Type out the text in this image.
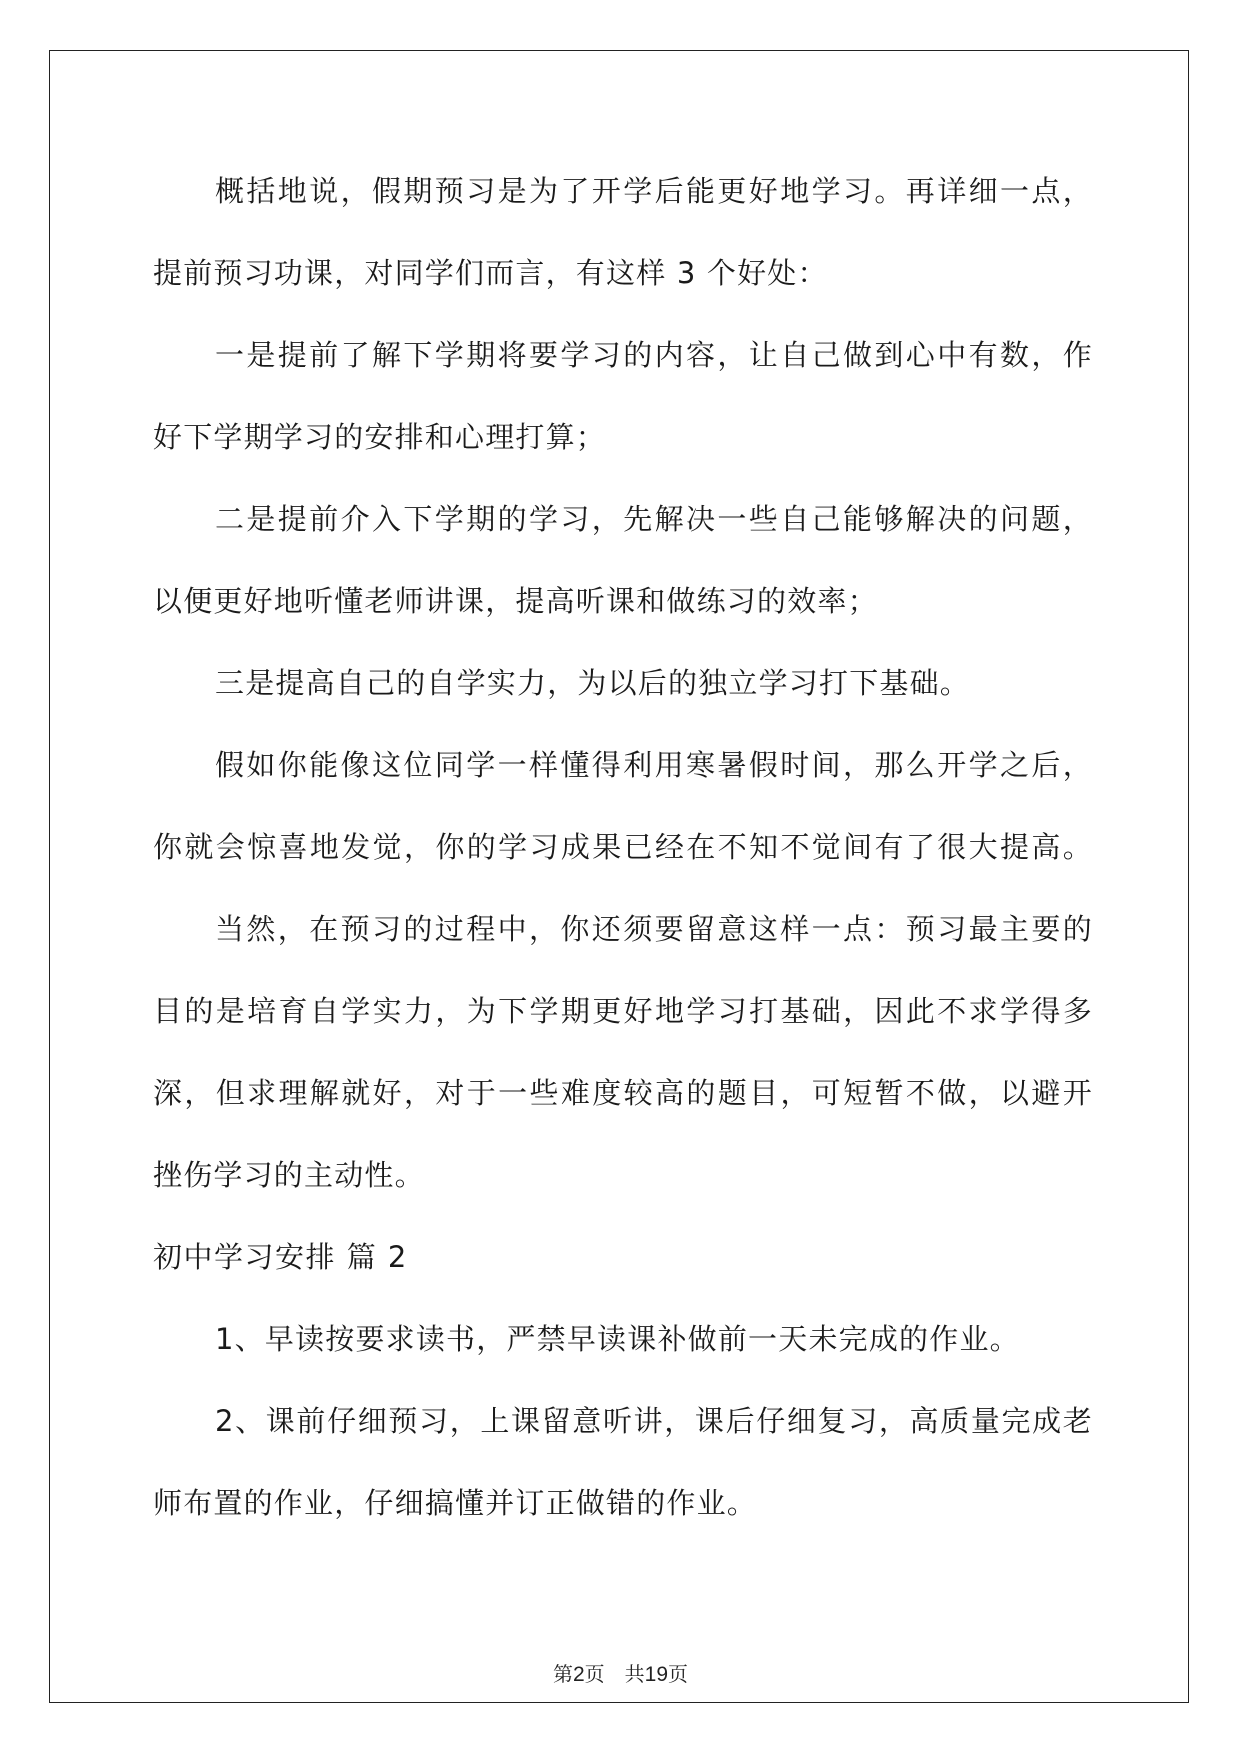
概括地说，假期预习是为了开学后能更好地学习。再详细一点，
提前预习功课，对同学们而言，有这样 3 个好处：
一是提前了解下学期将要学习的内容，让自己做到心中有数，作
好下学期学习的安排和心理打算；
二是提前介入下学期的学习，先解决一些自己能够解决的问题，
以便更好地听懂老师讲课，提高听课和做练习的效率；
三是提高自己的自学实力，为以后的独立学习打下基础。
假如你能像这位同学一样懂得利用寒暑假时间，那么开学之后，
你就会惊喜地发觉，你的学习成果已经在不知不觉间有了很大提高。
当然，在预习的过程中，你还须要留意这样一点：预习最主要的
目的是培育自学实力，为下学期更好地学习打基础，因此不求学得多
深，但求理解就好，对于一些难度较高的题目，可短暂不做，以避开
挫伤学习的主动性。
初中学习安排 篇 2
1、早读按要求读书，严禁早读课补做前一天未完成的作业。
2、课前仔细预习，上课留意听讲，课后仔细复习，高质量完成老
师布置的作业，仔细搞懂并订正做错的作业。
第2页 共19页
